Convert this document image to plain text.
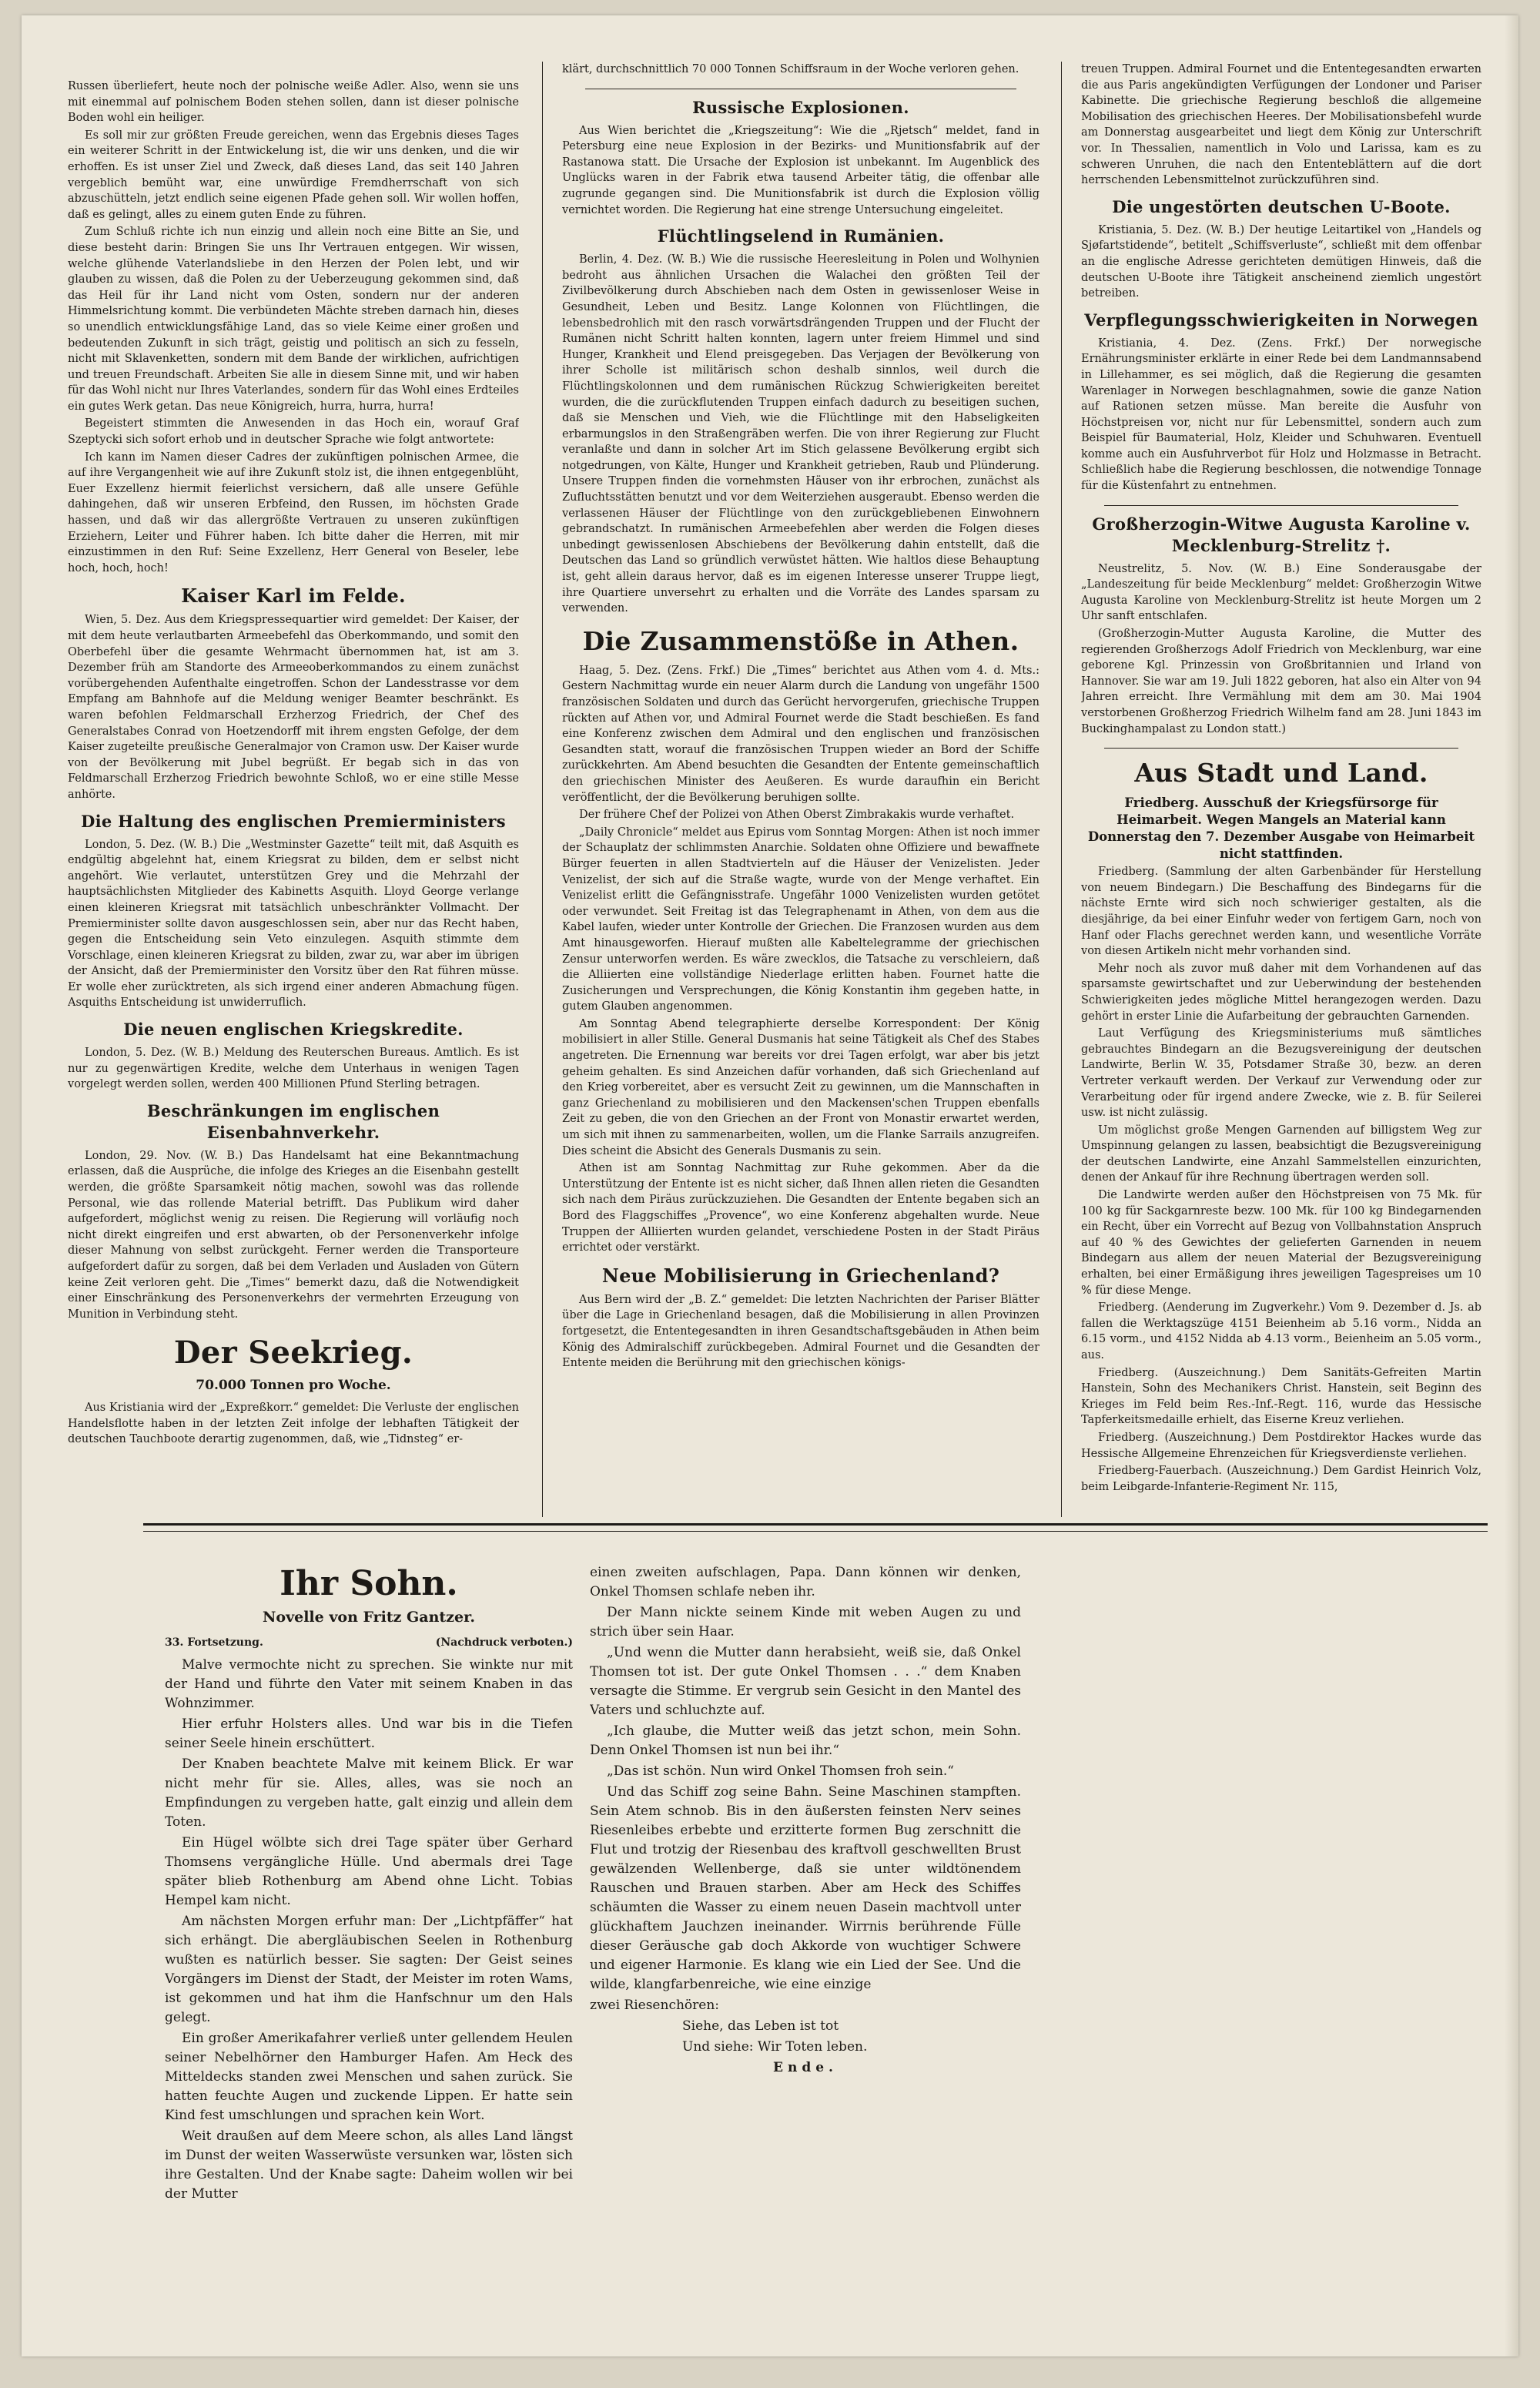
Russen überliefert, heute noch der polnische weiße Adler. Also, wenn sie uns mit einemmal auf polnischem Boden stehen sollen, dann ist dieser polnische Boden wohl ein heiliger.

Es soll mir zur größten Freude gereichen, wenn das Ergebnis dieses Tages ein weiterer Schritt in der Entwickelung ist, die wir uns denken, und die wir erhoffen. Es ist unser Ziel und Zweck, daß dieses Land, das seit 140 Jahren vergeblich bemüht war, eine unwürdige Fremdherrschaft von sich abzuschütteln, jetzt endlich seine eigenen Pfade gehen soll. Wir wollen hoffen, daß es gelingt, alles zu einem guten Ende zu führen.

Zum Schluß richte ich nun einzig und allein noch eine Bitte an Sie, und diese besteht darin: Bringen Sie uns Ihr Vertrauen entgegen. Wir wissen, welche glühende Vaterlandsliebe in den Herzen der Polen lebt, und wir glauben zu wissen, daß die Polen zu der Ueberzeugung gekommen sind, daß das Heil für ihr Land nicht vom Osten, sondern nur der anderen Himmelsrichtung kommt. Die verbündeten Mächte streben darnach hin, dieses so unendlich entwicklungsfähige Land, das so viele Keime einer großen und bedeutenden Zukunft in sich trägt, geistig und politisch an sich zu fesseln, nicht mit Sklavenketten, sondern mit dem Bande der wirklichen, aufrichtigen und treuen Freundschaft. Arbeiten Sie alle in diesem Sinne mit, und wir haben für das Wohl nicht nur Ihres Vaterlandes, sondern für das Wohl eines Erdteiles ein gutes Werk getan. Das neue Königreich, hurra, hurra, hurra!

Begeistert stimmten die Anwesenden in das Hoch ein, worauf Graf Szeptycki sich sofort erhob und in deutscher Sprache wie folgt antwortete:

Ich kann im Namen dieser Cadres der zukünftigen polnischen Armee, die auf ihre Vergangenheit wie auf ihre Zukunft stolz ist, die ihnen entgegenblüht, Euer Exzellenz hiermit feierlichst versichern, daß alle unsere Gefühle dahingehen, daß wir unseren Erbfeind, den Russen, im höchsten Grade hassen, und daß wir das allergrößte Vertrauen zu unseren zukünftigen Erziehern, Leiter und Führer haben. Ich bitte daher die Herren, mit mir einzustimmen in den Ruf: Seine Exzellenz, Herr General von Beseler, lebe hoch, hoch, hoch!

Kaiser Karl im Felde.

Wien, 5. Dez. Aus dem Kriegspressequartier wird gemeldet: Der Kaiser, der mit dem heute verlautbarten Armeebefehl das Oberkommando, und somit den Oberbefehl über die gesamte Wehrmacht übernommen hat, ist am 3. Dezember früh am Standorte des Armeeoberkommandos zu einem zunächst vorübergehenden Aufenthalte eingetroffen. Schon der Landesstrasse vor dem Empfang am Bahnhofe auf die Meldung weniger Beamter beschränkt. Es waren befohlen Feldmarschall Erzherzog Friedrich, der Chef des Generalstabes Conrad von Hoetzendorff mit ihrem engsten Gefolge, der dem Kaiser zugeteilte preußische Generalmajor von Cramon usw. Der Kaiser wurde von der Bevölkerung mit Jubel begrüßt. Er begab sich in das von Feldmarschall Erzherzog Friedrich bewohnte Schloß, wo er eine stille Messe anhörte.

Die Haltung des englischen Premierministers

London, 5. Dez. (W. B.) Die „Westminster Gazette“ teilt mit, daß Asquith es endgültig abgelehnt hat, einem Kriegsrat zu bilden, dem er selbst nicht angehört. Wie verlautet, unterstützen Grey und die Mehrzahl der hauptsächlichsten Mitglieder des Kabinetts Asquith. Lloyd George verlange einen kleineren Kriegsrat mit tatsächlich unbeschränkter Vollmacht. Der Premierminister sollte davon ausgeschlossen sein, aber nur das Recht haben, gegen die Entscheidung sein Veto einzulegen. Asquith stimmte dem Vorschlage, einen kleineren Kriegsrat zu bilden, zwar zu, war aber im übrigen der Ansicht, daß der Premierminister den Vorsitz über den Rat führen müsse. Er wolle eher zurücktreten, als sich irgend einer anderen Abmachung fügen. Asquiths Entscheidung ist unwiderruflich.

Die neuen englischen Kriegskredite.

London, 5. Dez. (W. B.) Meldung des Reuterschen Bureaus. Amtlich. Es ist nur zu gegenwärtigen Kredite, welche dem Unterhaus in wenigen Tagen vorgelegt werden sollen, werden 400 Millionen Pfund Sterling betragen.

Beschränkungen im englischen Eisenbahnverkehr.

London, 29. Nov. (W. B.) Das Handelsamt hat eine Bekanntmachung erlassen, daß die Ausprüche, die infolge des Krieges an die Eisenbahn gestellt werden, die größte Sparsamkeit nötig machen, sowohl was das rollende Personal, wie das rollende Material betrifft. Das Publikum wird daher aufgefordert, möglichst wenig zu reisen. Die Regierung will vorläufig noch nicht direkt eingreifen und erst abwarten, ob der Personenverkehr infolge dieser Mahnung von selbst zurückgeht. Ferner werden die Transporteure aufgefordert dafür zu sorgen, daß bei dem Verladen und Ausladen von Gütern keine Zeit verloren geht. Die „Times“ bemerkt dazu, daß die Notwendigkeit einer Einschränkung des Personenverkehrs der vermehrten Erzeugung von Munition in Verbindung steht.

Der Seekrieg.
70.000 Tonnen pro Woche.

Aus Kristiania wird der „Expreßkorr.“ gemeldet: Die Verluste der englischen Handelsflotte haben in der letzten Zeit infolge der lebhaften Tätigkeit der deutschen Tauchboote derartig zugenommen, daß, wie „Tidnsteg“ er-

klärt, durchschnittlich 70 000 Tonnen Schiffsraum in der Woche verloren gehen.

Russische Explosionen.

Aus Wien berichtet die „Kriegszeitung“: Wie die „Rjetsch“ meldet, fand in Petersburg eine neue Explosion in der Bezirks- und Munitionsfabrik auf der Rastanowa statt. Die Ursache der Explosion ist unbekannt. Im Augenblick des Unglücks waren in der Fabrik etwa tausend Arbeiter tätig, die offenbar alle zugrunde gegangen sind. Die Munitionsfabrik ist durch die Explosion völlig vernichtet worden. Die Regierung hat eine strenge Untersuchung eingeleitet.

Flüchtlingselend in Rumänien.

Berlin, 4. Dez. (W. B.) Wie die russische Heeresleitung in Polen und Wolhynien bedroht aus ähnlichen Ursachen die Walachei den größten Teil der Zivilbevölkerung durch Abschieben nach dem Osten in gewissenloser Weise in Gesundheit, Leben und Besitz. Lange Kolonnen von Flüchtlingen, die lebensbedrohlich mit den rasch vorwärtsdrängenden Truppen und der Flucht der Rumänen nicht Schritt halten konnten, lagern unter freiem Himmel und sind Hunger, Krankheit und Elend preisgegeben. Das Verjagen der Bevölkerung von ihrer Scholle ist militärisch schon deshalb sinnlos, weil durch die Flüchtlingskolonnen und dem rumänischen Rückzug Schwierigkeiten bereitet wurden, die die zurückflutenden Truppen einfach dadurch zu beseitigen suchen, daß sie Menschen und Vieh, wie die Flüchtlinge mit den Habseligkeiten erbarmungslos in den Straßengräben werfen. Die von ihrer Regierung zur Flucht veranlaßte und dann in solcher Art im Stich gelassene Bevölkerung ergibt sich notgedrungen, von Kälte, Hunger und Krankheit getrieben, Raub und Plünderung. Unsere Truppen finden die vornehmsten Häuser von ihr erbrochen, zunächst als Zufluchtsstätten benutzt und vor dem Weiterziehen ausgeraubt. Ebenso werden die verlassenen Häuser der Flüchtlinge von den zurückgebliebenen Einwohnern gebrandschatzt. In rumänischen Armeebefehlen aber werden die Folgen dieses unbedingt gewissenlosen Abschiebens der Bevölkerung dahin entstellt, daß die Deutschen das Land so gründlich verwüstet hätten. Wie haltlos diese Behauptung ist, geht allein daraus hervor, daß es im eigenen Interesse unserer Truppe liegt, ihre Quartiere unversehrt zu erhalten und die Vorräte des Landes sparsam zu verwenden.

Die Zusammenstöße in Athen.

Haag, 5. Dez. (Zens. Frkf.) Die „Times“ berichtet aus Athen vom 4. d. Mts.: Gestern Nachmittag wurde ein neuer Alarm durch die Landung von ungefähr 1500 französischen Soldaten und durch das Gerücht hervorgerufen, griechische Truppen rückten auf Athen vor, und Admiral Fournet werde die Stadt beschießen. Es fand eine Konferenz zwischen dem Admiral und den englischen und französischen Gesandten statt, worauf die französischen Truppen wieder an Bord der Schiffe zurückkehrten. Am Abend besuchten die Gesandten der Entente gemeinschaftlich den griechischen Minister des Aeußeren. Es wurde daraufhin ein Bericht veröffentlicht, der die Bevölkerung beruhigen sollte.

Der frühere Chef der Polizei von Athen Oberst Zimbrakakis wurde verhaftet.

„Daily Chronicle“ meldet aus Epirus vom Sonntag Morgen: Athen ist noch immer der Schauplatz der schlimmsten Anarchie. Soldaten ohne Offiziere und bewaffnete Bürger feuerten in allen Stadtvierteln auf die Häuser der Venizelisten. Jeder Venizelist, der sich auf die Straße wagte, wurde von der Menge verhaftet. Ein Venizelist erlitt die Gefängnisstrafe. Ungefähr 1000 Venizelisten wurden getötet oder verwundet. Seit Freitag ist das Telegraphenamt in Athen, von dem aus die Kabel laufen, wieder unter Kontrolle der Griechen. Die Franzosen wurden aus dem Amt hinausgeworfen. Hierauf mußten alle Kabeltelegramme der griechischen Zensur unterworfen werden. Es wäre zwecklos, die Tatsache zu verschleiern, daß die Alliierten eine vollständige Niederlage erlitten haben. Fournet hatte die Zusicherungen und Versprechungen, die König Konstantin ihm gegeben hatte, in gutem Glauben angenommen.

Am Sonntag Abend telegraphierte derselbe Korrespondent: Der König mobilisiert in aller Stille. General Dusmanis hat seine Tätigkeit als Chef des Stabes angetreten. Die Ernennung war bereits vor drei Tagen erfolgt, war aber bis jetzt geheim gehalten. Es sind Anzeichen dafür vorhanden, daß sich Griechenland auf den Krieg vorbereitet, aber es versucht Zeit zu gewinnen, um die Mannschaften in ganz Griechenland zu mobilisieren und den Mackensen'schen Truppen ebenfalls Zeit zu geben, die von den Griechen an der Front von Monastir erwartet werden, um sich mit ihnen zu sammenarbeiten, wollen, um die Flanke Sarrails anzugreifen. Dies scheint die Absicht des Generals Dusmanis zu sein.

Athen ist am Sonntag Nachmittag zur Ruhe gekommen. Aber da die Unterstützung der Entente ist es nicht sicher, daß Ihnen allen rieten die Gesandten sich nach dem Piräus zurückzuziehen. Die Gesandten der Entente begaben sich an Bord des Flaggschiffes „Provence“, wo eine Konferenz abgehalten wurde. Neue Truppen der Alliierten wurden gelandet, verschiedene Posten in der Stadt Piräus errichtet oder verstärkt.

Neue Mobilisierung in Griechenland?

Aus Bern wird der „B. Z.“ gemeldet: Die letzten Nachrichten der Pariser Blätter über die Lage in Griechenland besagen, daß die Mobilisierung in allen Provinzen fortgesetzt, die Ententegesandten in ihren Gesandtschaftsgebäuden in Athen beim König des Admiralschiff zurückbegeben. Admiral Fournet und die Gesandten der Entente meiden die Berührung mit den griechischen königs-

treuen Truppen. Admiral Fournet und die Ententegesandten erwarten die aus Paris angekündigten Verfügungen der Londoner und Pariser Kabinette. Die griechische Regierung beschloß die allgemeine Mobilisation des griechischen Heeres. Der Mobilisationsbefehl wurde am Donnerstag ausgearbeitet und liegt dem König zur Unterschrift vor. In Thessalien, namentlich in Volo und Larissa, kam es zu schweren Unruhen, die nach den Ententeblättern auf die dort herrschenden Lebensmittelnot zurückzuführen sind.

Die ungestörten deutschen U-Boote.

Kristiania, 5. Dez. (W. B.) Der heutige Leitartikel von „Handels og Sjøfartstidende“, betitelt „Schiffsverluste“, schließt mit dem offenbar an die englische Adresse gerichteten demütigen Hinweis, daß die deutschen U-Boote ihre Tätigkeit anscheinend ziemlich ungestört betreiben.

Verpflegungsschwierigkeiten in Norwegen

Kristiania, 4. Dez. (Zens. Frkf.) Der norwegische Ernährungsminister erklärte in einer Rede bei dem Landmannsabend in Lillehammer, es sei möglich, daß die Regierung die gesamten Warenlager in Norwegen beschlagnahmen, sowie die ganze Nation auf Rationen setzen müsse. Man bereite die Ausfuhr von Höchstpreisen vor, nicht nur für Lebensmittel, sondern auch zum Beispiel für Baumaterial, Holz, Kleider und Schuhwaren. Eventuell komme auch ein Ausfuhrverbot für Holz und Holzmasse in Betracht. Schließlich habe die Regierung beschlossen, die notwendige Tonnage für die Küstenfahrt zu entnehmen.

Großherzogin-Witwe Augusta Karoline v. Mecklenburg-Strelitz †.

Neustrelitz, 5. Nov. (W. B.) Eine Sonderausgabe der „Landeszeitung für beide Mecklenburg“ meldet: Großherzogin Witwe Augusta Karoline von Mecklenburg-Strelitz ist heute Morgen um 2 Uhr sanft entschlafen.

(Großherzogin-Mutter Augusta Karoline, die Mutter des regierenden Großherzogs Adolf Friedrich von Mecklenburg, war eine geborene Kgl. Prinzessin von Großbritannien und Irland von Hannover. Sie war am 19. Juli 1822 geboren, hat also ein Alter von 94 Jahren erreicht. Ihre Vermählung mit dem am 30. Mai 1904 verstorbenen Großherzog Friedrich Wilhelm fand am 28. Juni 1843 im Buckinghampalast zu London statt.)

Aus Stadt und Land.

Friedberg. Ausschuß der Kriegsfürsorge für Heimarbeit. Wegen Mangels an Material kann Donnerstag den 7. Dezember Ausgabe von Heimarbeit nicht stattfinden.

Friedberg. (Sammlung der alten Garbenbänder für Herstellung von neuem Bindegarn.) Die Beschaffung des Bindegarns für die nächste Ernte wird sich noch schwieriger gestalten, als die diesjährige, da bei einer Einfuhr weder von fertigem Garn, noch von Hanf oder Flachs gerechnet werden kann, und wesentliche Vorräte von diesen Artikeln nicht mehr vorhanden sind.

Mehr noch als zuvor muß daher mit dem Vorhandenen auf das sparsamste gewirtschaftet und zur Ueberwindung der bestehenden Schwierigkeiten jedes mögliche Mittel herangezogen werden. Dazu gehört in erster Linie die Aufarbeitung der gebrauchten Garnenden.

Laut Verfügung des Kriegsministeriums muß sämtliches gebrauchtes Bindegarn an die Bezugsvereinigung der deutschen Landwirte, Berlin W. 35, Potsdamer Straße 30, bezw. an deren Vertreter verkauft werden. Der Verkauf zur Verwendung oder zur Verarbeitung oder für irgend andere Zwecke, wie z. B. für Seilerei usw. ist nicht zulässig.

Um möglichst große Mengen Garnenden auf billigstem Weg zur Umspinnung gelangen zu lassen, beabsichtigt die Bezugsvereinigung der deutschen Landwirte, eine Anzahl Sammelstellen einzurichten, denen der Ankauf für ihre Rechnung übertragen werden soll.

Die Landwirte werden außer den Höchstpreisen von 75 Mk. für 100 kg für Sackgarnreste bezw. 100 Mk. für 100 kg Bindegarnenden ein Recht, über ein Vorrecht auf Bezug von Vollbahnstation Anspruch auf 40 % des Gewichtes der gelieferten Garnenden in neuem Bindegarn aus allem der neuen Material der Bezugsvereinigung erhalten, bei einer Ermäßigung ihres jeweiligen Tagespreises um 10 % für diese Menge.

Friedberg. (Aenderung im Zugverkehr.) Vom 9. Dezember d. Js. ab fallen die Werktagszüge 4151 Beienheim ab 5.16 vorm., Nidda an 6.15 vorm., und 4152 Nidda ab 4.13 vorm., Beienheim an 5.05 vorm., aus.

Friedberg. (Auszeichnung.) Dem Sanitäts-Gefreiten Martin Hanstein, Sohn des Mechanikers Christ. Hanstein, seit Beginn des Krieges im Feld beim Res.-Inf.-Regt. 116, wurde das Hessische Tapferkeitsmedaille erhielt, das Eiserne Kreuz verliehen.

Friedberg. (Auszeichnung.) Dem Postdirektor Hackes wurde das Hessische Allgemeine Ehrenzeichen für Kriegsverdienste verliehen.

Friedberg-Fauerbach. (Auszeichnung.) Dem Gardist Heinrich Volz, beim Leibgarde-Infanterie-Regiment Nr. 115,

Ihr Sohn.
Novelle von Fritz Gantzer.
33. Fortsetzung.	(Nachdruck verboten.)

Malve vermochte nicht zu sprechen. Sie winkte nur mit der Hand und führte den Vater mit seinem Knaben in das Wohnzimmer.

Hier erfuhr Holsters alles. Und war bis in die Tiefen seiner Seele hinein erschüttert.

Der Knaben beachtete Malve mit keinem Blick. Er war nicht mehr für sie. Alles, alles, was sie noch an Empfindungen zu vergeben hatte, galt einzig und allein dem Toten.

Ein Hügel wölbte sich drei Tage später über Gerhard Thomsens vergängliche Hülle. Und abermals drei Tage später blieb Rothenburg am Abend ohne Licht. Tobias Hempel kam nicht.

Am nächsten Morgen erfuhr man: Der „Lichtpfäffer“ hat sich erhängt. Die abergläubischen Seelen in Rothenburg wußten es natürlich besser. Sie sagten: Der Geist seines Vorgängers im Dienst der Stadt, der Meister im roten Wams, ist gekommen und hat ihm die Hanfschnur um den Hals gelegt.

Ein großer Amerikafahrer verließ unter gellendem Heulen seiner Nebelhörner den Hamburger Hafen. Am Heck des Mitteldecks standen zwei Menschen und sahen zurück. Sie hatten feuchte Augen und zuckende Lippen. Er hatte sein Kind fest umschlungen und sprachen kein Wort.

Weit draußen auf dem Meere schon, als alles Land längst im Dunst der weiten Wasserwüste versunken war, lösten sich ihre Gestalten. Und der Knabe sagte: Daheim wollen wir bei der Mutter

einen zweiten aufschlagen, Papa. Dann können wir denken, Onkel Thomsen schlafe neben ihr.

Der Mann nickte seinem Kinde mit weben Augen zu und strich über sein Haar.

„Und wenn die Mutter dann herabsieht, weiß sie, daß Onkel Thomsen tot ist. Der gute Onkel Thomsen . . .“ dem Knaben versagte die Stimme. Er vergrub sein Gesicht in den Mantel des Vaters und schluchzte auf.

„Ich glaube, die Mutter weiß das jetzt schon, mein Sohn. Denn Onkel Thomsen ist nun bei ihr.“

„Das ist schön. Nun wird Onkel Thomsen froh sein.“

Und das Schiff zog seine Bahn. Seine Maschinen stampften. Sein Atem schnob. Bis in den äußersten feinsten Nerv seines Riesenleibes erbebte und erzitterte formen Bug zerschnitt die Flut und trotzig der Riesenbau des kraftvoll geschwellten Brust gewälzenden Wellenberge, daß sie unter wildtönendem Rauschen und Brauen starben. Aber am Heck des Schiffes schäumten die Wasser zu einem neuen Dasein machtvoll unter glückhaftem Jauchzen ineinander. Wirrnis berührende Fülle dieser Geräusche gab doch Akkorde von wuchtiger Schwere und eigener Harmonie. Es klang wie ein Lied der See. Und die wilde, klangfarbenreiche, wie eine einzige

zwei Riesenchören:

Siehe, das Leben ist tot

Und siehe: Wir Toten leben.

Ende.
